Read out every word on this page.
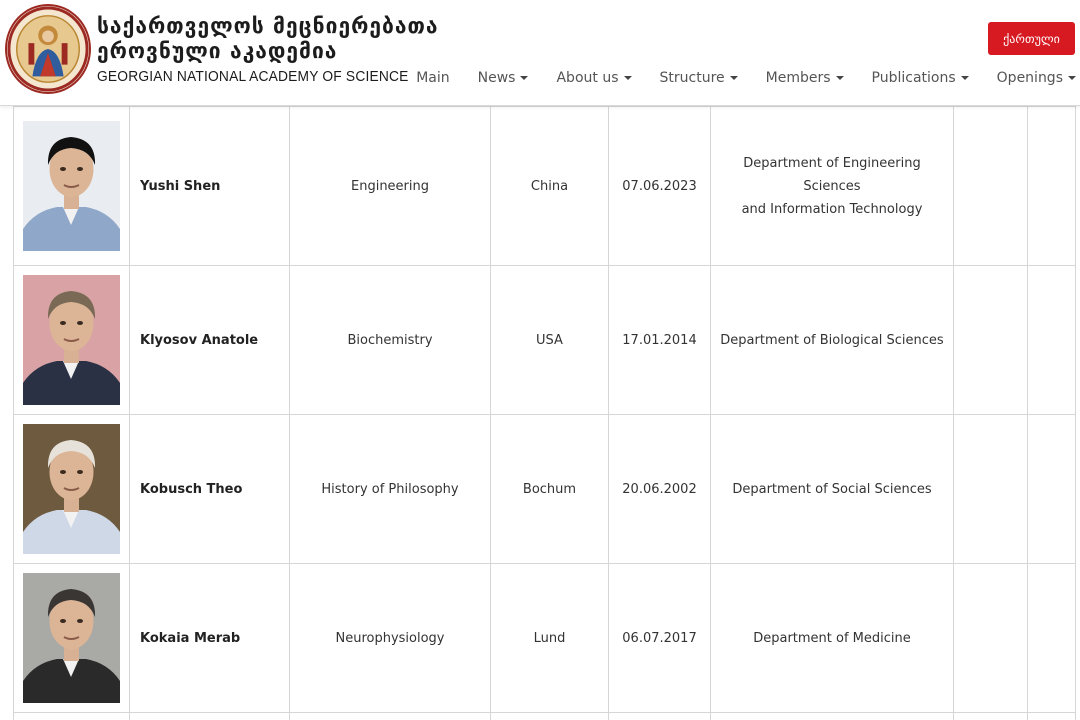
საქართველოს მეცნიერებათა
ეროვნული აკადემია
GEORGIAN NATIONAL ACADEMY OF SCIENCE
ქართული
Main News	About us	Structure	Members	Publications	Openings
	Yushi Shen	Engineering	China	07.06.2023	Department of Engineering Sciences
and Information Technology		

	Klyosov Anatole	Biochemistry	USA	17.01.2014	Department of Biological Sciences		

	Kobusch Theo	History of Philosophy	Bochum	20.06.2002	Department of Social Sciences		

	Kokaia Merab	Neurophysiology	Lund	06.07.2017	Department of Medicine		
